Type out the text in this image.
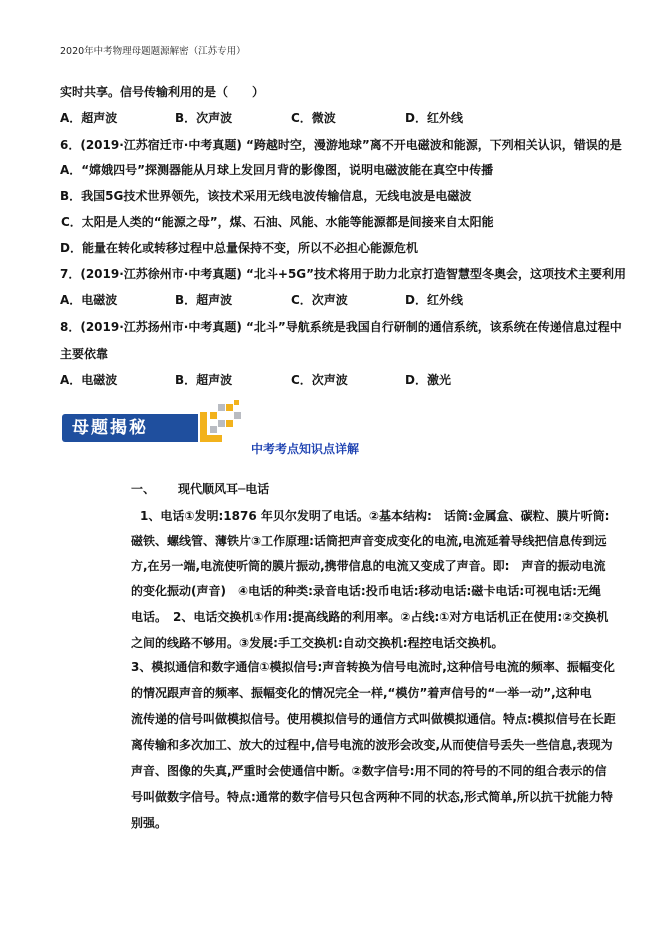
2020年中考物理母题题源解密（江苏专用）
实时共享。信号传输利用的是（　　）
A．超声波	B．次声波	C．微波	D．红外线
6．(2019·江苏宿迁市·中考真题) “跨越时空，漫游地球”离不开电磁波和能源，下列相关认识，错误的是
A．“嫦娥四号”探测器能从月球上发回月背的影像图，说明电磁波能在真空中传播
B．我国5G技术世界领先，该技术采用无线电波传输信息，无线电波是电磁波
C．太阳是人类的“能源之母”，煤、石油、风能、水能等能源都是间接来自太阳能
D．能量在转化或转移过程中总量保持不变，所以不必担心能源危机
7．(2019·江苏徐州市·中考真题) “北斗+5G”技术将用于助力北京打造智慧型冬奥会，这项技术主要利用
A．电磁波	B．超声波	C．次声波	D．红外线
8．(2019·江苏扬州市·中考真题) “北斗”导航系统是我国自行研制的通信系统，该系统在传递信息过程中
主要依靠
A．电磁波	B．超声波	C．次声波	D．激光
母题揭秘
中考考点知识点详解
一、 现代顺风耳─电话
1、电话①发明:1876 年贝尔发明了电话。②基本结构:　话筒:金属盒、碳粒、膜片听筒:
磁铁、螺线管、薄铁片③工作原理:话筒把声音变成变化的电流,电流延着导线把信息传到远
方,在另一端,电流使听筒的膜片振动,携带信息的电流又变成了声音。即:　声音的振动电流
的变化振动(声音)　④电话的种类:录音电话:投币电话:移动电话:磁卡电话:可视电话:无绳
电话。　2、电话交换机①作用:提高线路的利用率。②占线:①对方电话机正在使用:②交换机
之间的线路不够用。③发展:手工交换机:自动交换机:程控电话交换机。
3、模拟通信和数字通信①模拟信号:声音转换为信号电流时,这种信号电流的频率、振幅变化
的情况跟声音的频率、振幅变化的情况完全一样,“模仿”着声信号的“一举一动”,这种电
流传递的信号叫做模拟信号。使用模拟信号的通信方式叫做模拟通信。特点:模拟信号在长距
离传输和多次加工、放大的过程中,信号电流的波形会改变,从而使信号丢失一些信息,表现为
声音、图像的失真,严重时会使通信中断。②数字信号:用不同的符号的不同的组合表示的信
号叫做数字信号。特点:通常的数字信号只包含两种不同的状态,形式简单,所以抗干扰能力特
别强。
